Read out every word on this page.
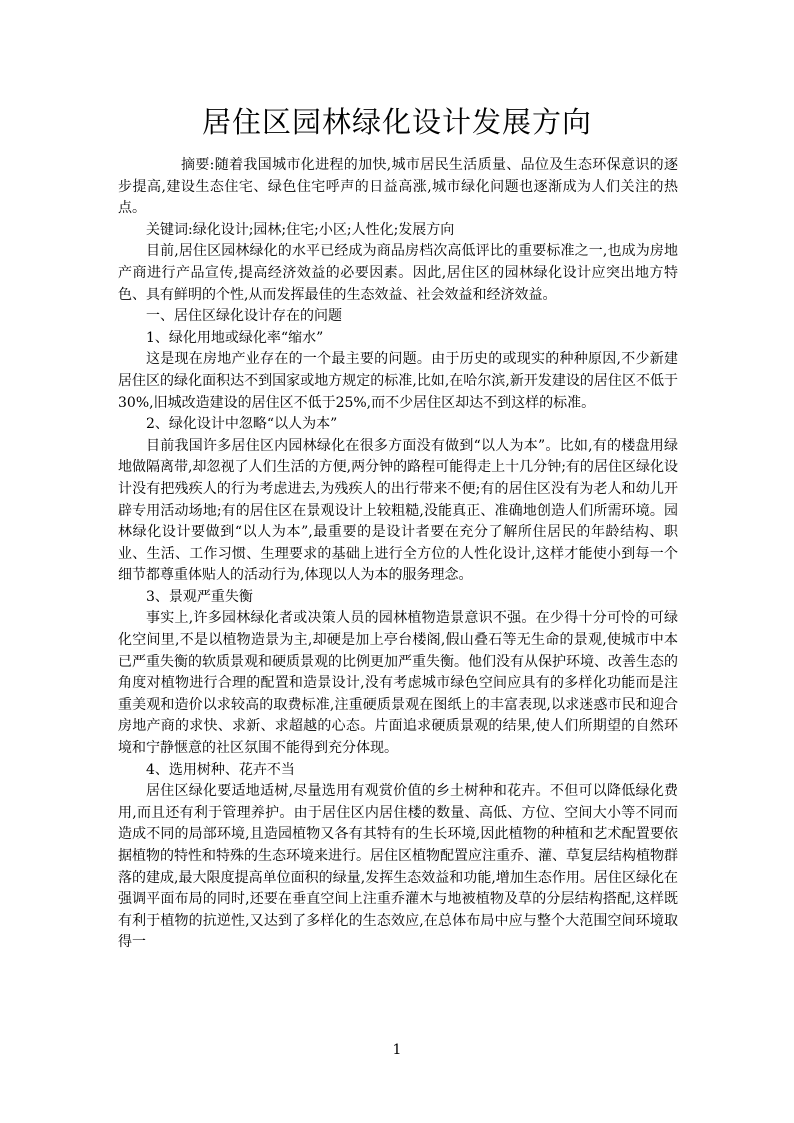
居住区园林绿化设计发展方向

摘要:随着我国城市化进程的加快,城市居民生活质量、品位及生态环保意识的逐步提高,建设生态住宅、绿色住宅呼声的日益高涨,城市绿化问题也逐渐成为人们关注的热点。

关键词:绿化设计;园林;住宅;小区;人性化;发展方向

目前,居住区园林绿化的水平已经成为商品房档次高低评比的重要标准之一,也成为房地产商进行产品宣传,提高经济效益的必要因素。因此,居住区的园林绿化设计应突出地方特色、具有鲜明的个性,从而发挥最佳的生态效益、社会效益和经济效益。

一、居住区绿化设计存在的问题

1、绿化用地或绿化率“缩水”

这是现在房地产业存在的一个最主要的问题。由于历史的或现实的种种原因,不少新建居住区的绿化面积达不到国家或地方规定的标准,比如,在哈尔滨,新开发建设的居住区不低于30%,旧城改造建设的居住区不低于25%,而不少居住区却达不到这样的标准。

2、绿化设计中忽略“以人为本”

目前我国许多居住区内园林绿化在很多方面没有做到“以人为本”。比如,有的楼盘用绿地做隔离带,却忽视了人们生活的方便,两分钟的路程可能得走上十几分钟;有的居住区绿化设计没有把残疾人的行为考虑进去,为残疾人的出行带来不便;有的居住区没有为老人和幼儿开辟专用活动场地;有的居住区在景观设计上较粗糙,没能真正、准确地创造人们所需环境。园林绿化设计要做到“以人为本”,最重要的是设计者要在充分了解所住居民的年龄结构、职业、生活、工作习惯、生理要求的基础上进行全方位的人性化设计,这样才能使小到每一个细节都尊重体贴人的活动行为,体现以人为本的服务理念。

3、景观严重失衡

事实上,许多园林绿化者或决策人员的园林植物造景意识不强。在少得十分可怜的可绿化空间里,不是以植物造景为主,却硬是加上亭台楼阁,假山叠石等无生命的景观,使城市中本已严重失衡的软质景观和硬质景观的比例更加严重失衡。他们没有从保护环境、改善生态的角度对植物进行合理的配置和造景设计,没有考虑城市绿色空间应具有的多样化功能而是注重美观和造价以求较高的取费标准,注重硬质景观在图纸上的丰富表现,以求迷惑市民和迎合房地产商的求快、求新、求超越的心态。片面追求硬质景观的结果,使人们所期望的自然环境和宁静惬意的社区氛围不能得到充分体现。

4、选用树种、花卉不当

居住区绿化要适地适树,尽量选用有观赏价值的乡土树种和花卉。不但可以降低绿化费用,而且还有利于管理养护。由于居住区内居住楼的数量、高低、方位、空间大小等不同而造成不同的局部环境,且造园植物又各有其特有的生长环境,因此植物的种植和艺术配置要依据植物的特性和特殊的生态环境来进行。居住区植物配置应注重乔、灌、草复层结构植物群落的建成,最大限度提高单位面积的绿量,发挥生态效益和功能,增加生态作用。居住区绿化在强调平面布局的同时,还要在垂直空间上注重乔灌木与地被植物及草的分层结构搭配,这样既有利于植物的抗逆性,又达到了多样化的生态效应,在总体布局中应与整个大范围空间环境取得一

1
